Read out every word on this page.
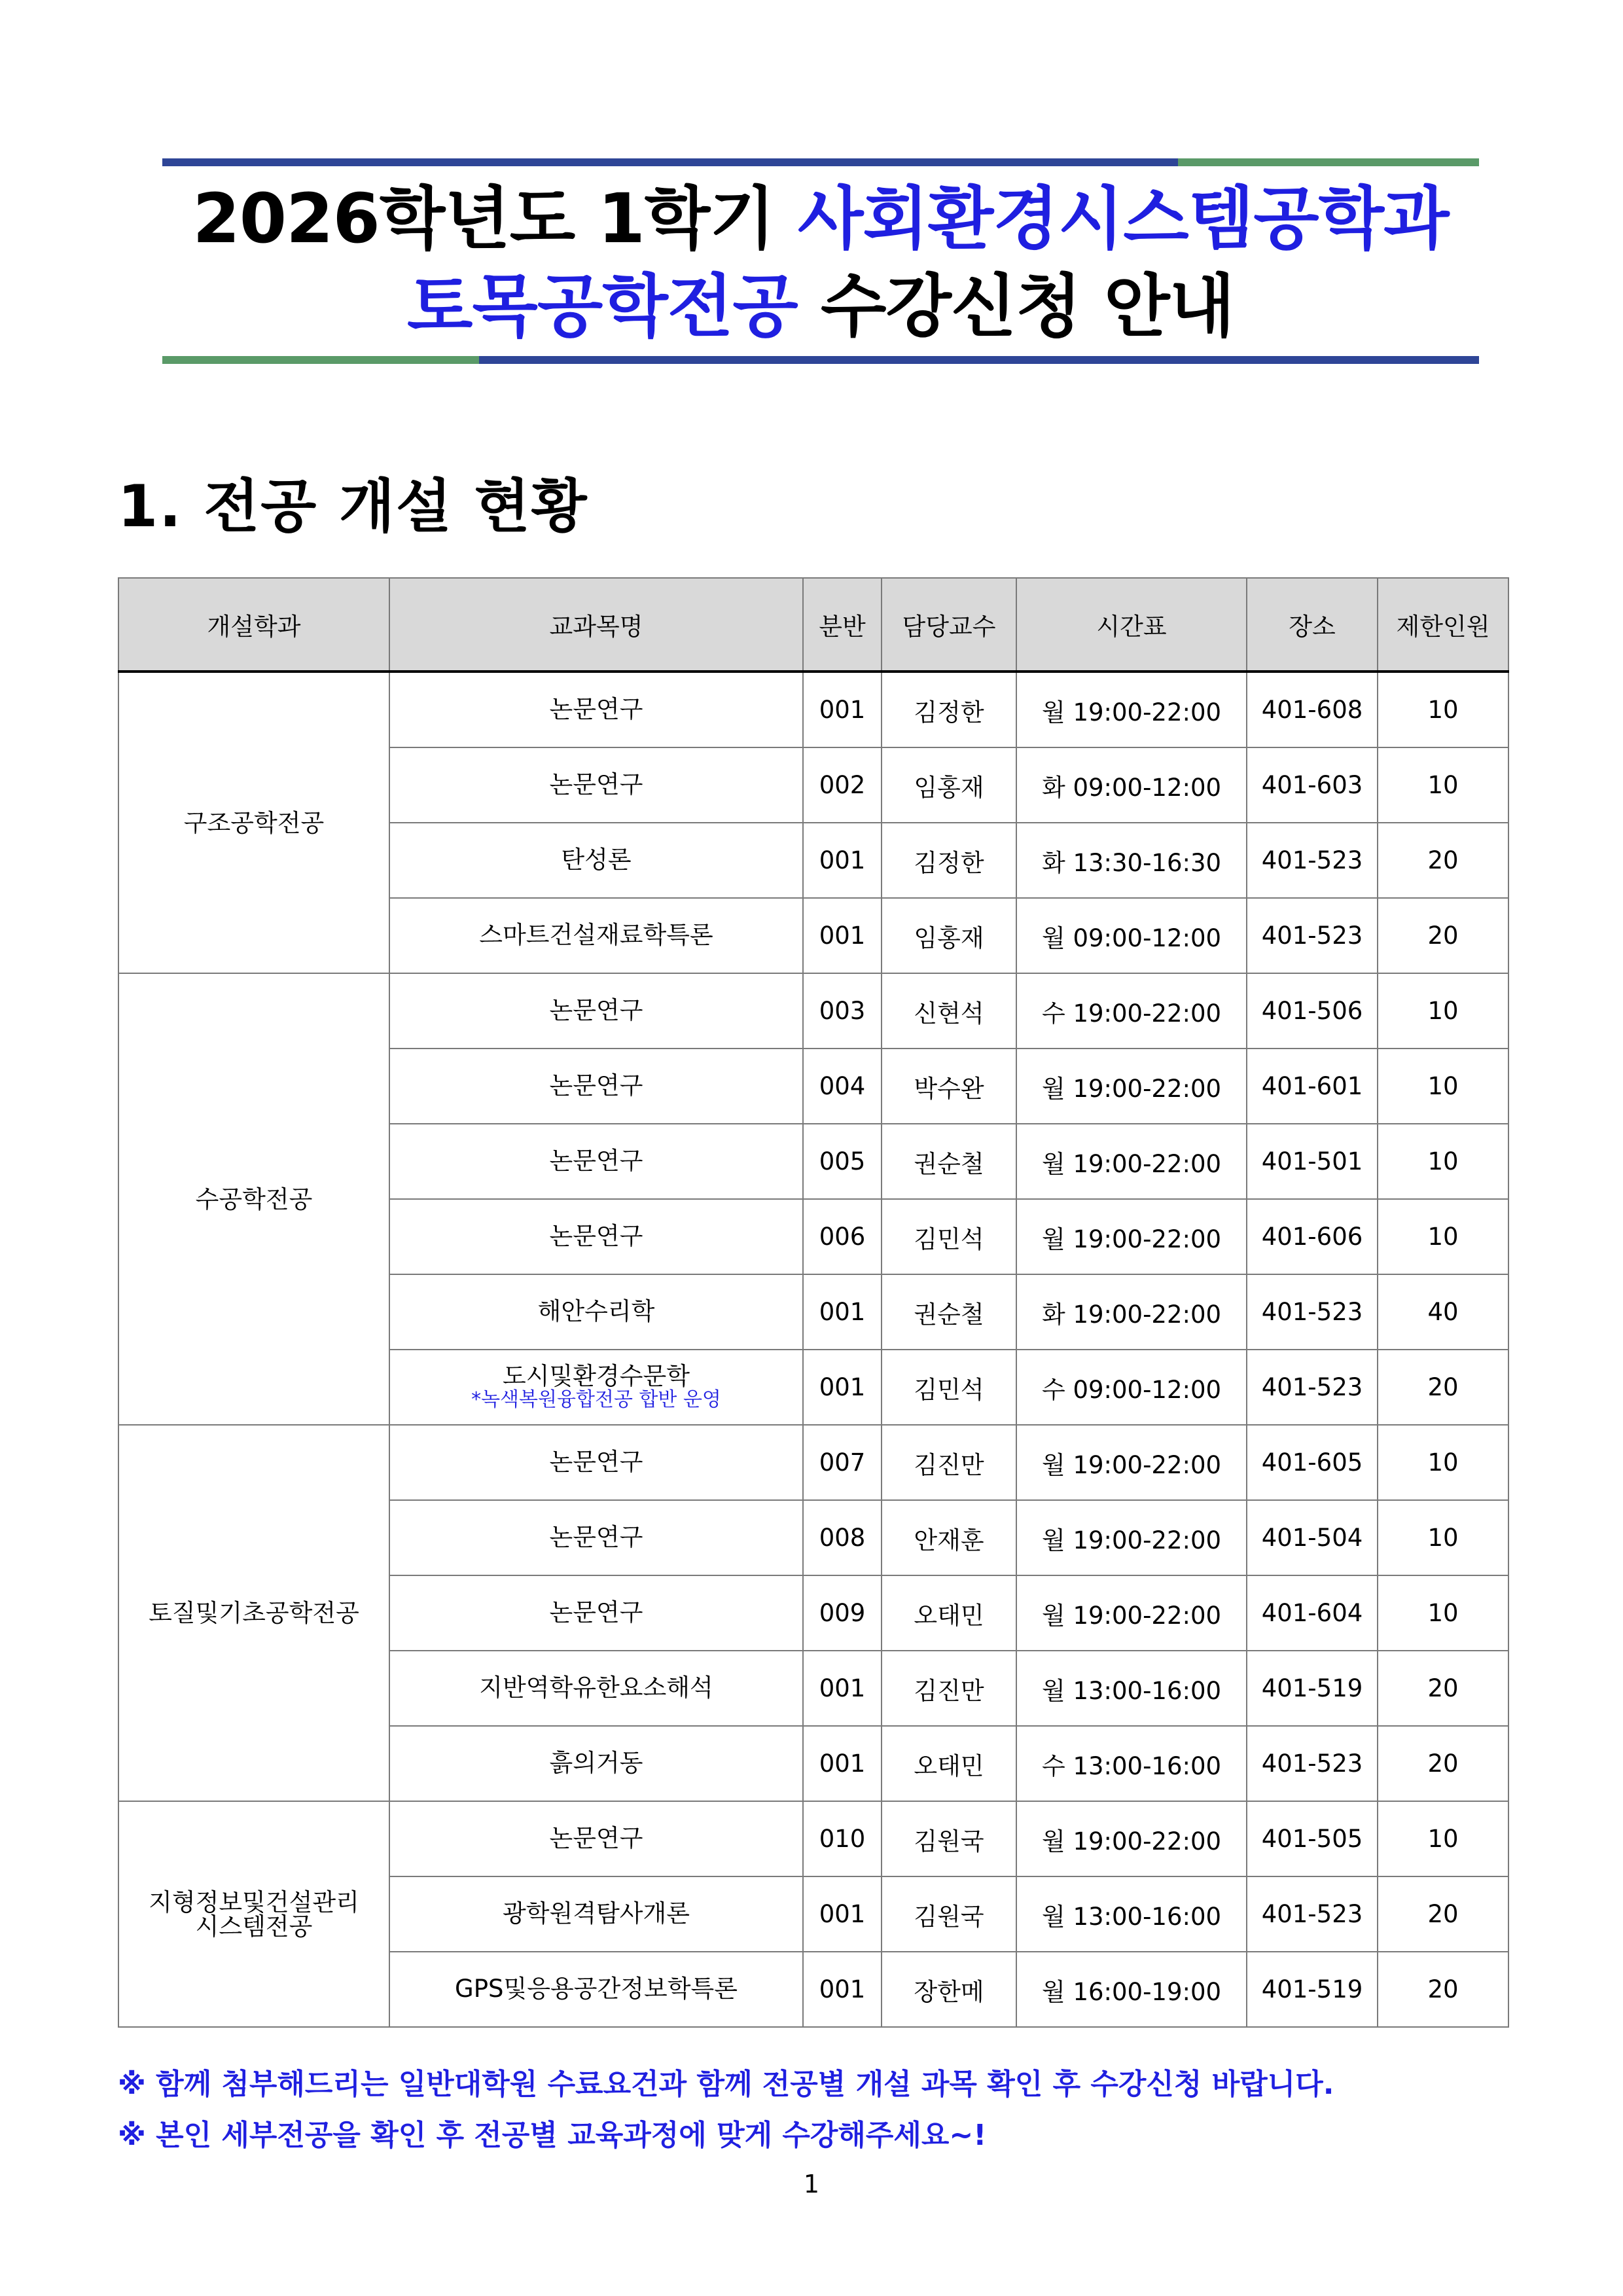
2026학년도 1학기 사회환경시스템공학과
토목공학전공 수강신청 안내
1. 전공 개설 현황
개설학과	교과목명	분반	담당교수	시간표	장소	제한인원
구조공학전공	논문연구	001	김정한	월 19:00-22:00	401-608	10

	논문연구	002	임홍재	화 09:00-12:00	401-603	10

	탄성론	001	김정한	화 13:30-16:30	401-523	20

	스마트건설재료학특론	001	임홍재	월 09:00-12:00	401-523	20
수공학전공	논문연구	003	신현석	수 19:00-22:00	401-506	10

	논문연구	004	박수완	월 19:00-22:00	401-601	10

	논문연구	005	권순철	월 19:00-22:00	401-501	10

	논문연구	006	김민석	월 19:00-22:00	401-606	10

	해안수리학	001	권순철	화 19:00-22:00	401-523	40

	도시및환경수문학
*녹색복원융합전공 합반 운영	001	김민석	수 09:00-12:00	401-523	20
토질및기초공학전공	논문연구	007	김진만	월 19:00-22:00	401-605	10

	논문연구	008	안재훈	월 19:00-22:00	401-504	10

	논문연구	009	오태민	월 19:00-22:00	401-604	10

	지반역학유한요소해석	001	김진만	월 13:00-16:00	401-519	20

	흙의거동	001	오태민	수 13:00-16:00	401-523	20
지형정보및건설관리
시스템전공	논문연구	010	김원국	월 19:00-22:00	401-505	10

	광학원격탐사개론	001	김원국	월 13:00-16:00	401-523	20

	GPS및응용공간정보학특론	001	장한메	월 16:00-19:00	401-519	20
※ 함께 첨부해드리는 일반대학원 수료요건과 함께 전공별 개설 과목 확인 후 수강신청 바랍니다.
※ 본인 세부전공을 확인 후 전공별 교육과정에 맞게 수강해주세요~!
1
